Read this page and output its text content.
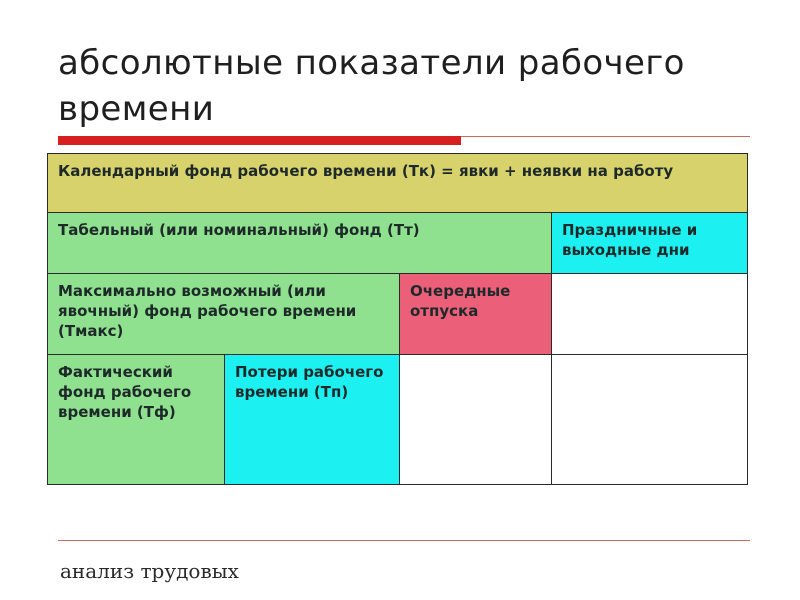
абсолютные показатели рабочего времени
Календарный фонд рабочего времени (Тк) = явки + неявки на работу
Табельный (или номинальный) фонд (Тт)	Праздничные и выходные дни
Максимально возможный (или явочный) фонд рабочего времени (Тмакс)
Очередные отпуска
Фактический фонд рабочего времени (Тф)
Потери рабочего времени (Тп)
анализ трудовых
